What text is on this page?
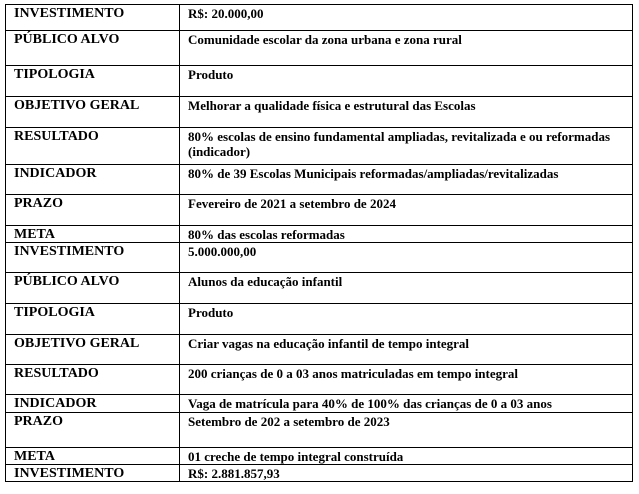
INVESTIMENTO	R$: 20.000,00
PÚBLICO ALVO	Comunidade escolar da zona urbana e zona rural
TIPOLOGIA	Produto
OBJETIVO GERAL	Melhorar a qualidade física e estrutural das Escolas
RESULTADO	80% escolas de ensino fundamental ampliadas, revitalizada e ou reformadas (indicador)
INDICADOR	80% de 39 Escolas Municipais reformadas/ampliadas/revitalizadas
PRAZO	Fevereiro de 2021 a setembro de 2024
META	80% das escolas reformadas
INVESTIMENTO	5.000.000,00
PÚBLICO ALVO	Alunos da educação infantil
TIPOLOGIA	Produto
OBJETIVO GERAL	Criar vagas na educação infantil de tempo integral
RESULTADO	200 crianças de 0 a 03 anos matriculadas em tempo integral
INDICADOR	Vaga de matrícula para 40% de 100% das crianças de 0 a 03 anos
PRAZO	Setembro de 202 a setembro de 2023
META	01 creche de tempo integral construída
INVESTIMENTO	R$: 2.881.857,93
